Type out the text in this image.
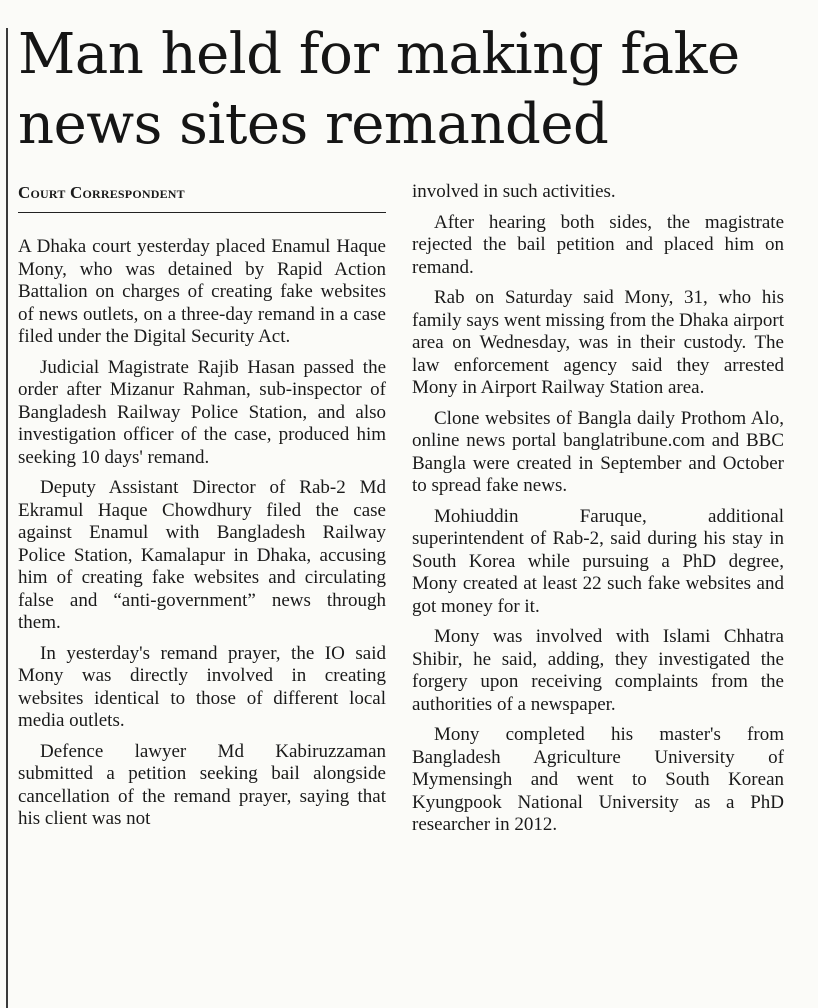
Man held for making fake news sites remanded
Court Correspondent

A Dhaka court yesterday placed Enamul Haque Mony, who was detained by Rapid Action Battalion on charges of creating fake websites of news outlets, on a three-day remand in a case filed under the Digital Security Act.

Judicial Magistrate Rajib Hasan passed the order after Mizanur Rahman, sub-inspector of Bangladesh Railway Police Station, and also investigation officer of the case, produced him seeking 10 days' remand.

Deputy Assistant Director of Rab-2 Md Ekramul Haque Chowdhury filed the case against Enamul with Bangladesh Railway Police Station, Kamalapur in Dhaka, accusing him of creating fake websites and circulating false and “anti-government” news through them.

In yesterday's remand prayer, the IO said Mony was directly involved in creating websites identical to those of different local media outlets.

Defence lawyer Md Kabiruzzaman submitted a petition seeking bail alongside cancellation of the remand prayer, saying that his client was not

involved in such activities.

After hearing both sides, the magistrate rejected the bail petition and placed him on remand.

Rab on Saturday said Mony, 31, who his family says went missing from the Dhaka airport area on Wednesday, was in their custody. The law enforcement agency said they arrested Mony in Airport Railway Station area.

Clone websites of Bangla daily Prothom Alo, online news portal banglatribune.com and BBC Bangla were created in September and October to spread fake news.

Mohiuddin Faruque, additional superintendent of Rab-2, said during his stay in South Korea while pursuing a PhD degree, Mony created at least 22 such fake websites and got money for it.

Mony was involved with Islami Chhatra Shibir, he said, adding, they investigated the forgery upon receiving complaints from the authorities of a newspaper.

Mony completed his master's from Bangladesh Agriculture University of Mymensingh and went to South Korean Kyungpook National University as a PhD researcher in 2012.
